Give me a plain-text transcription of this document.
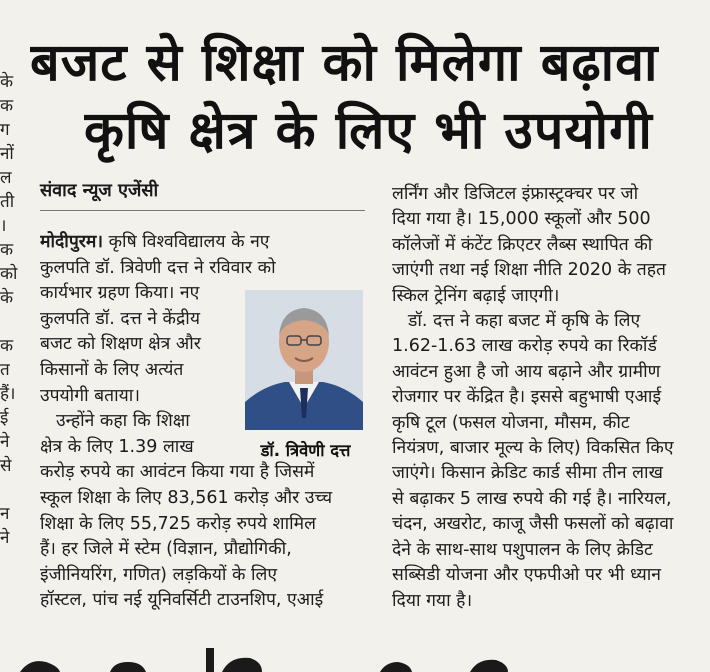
के
क
ग
नों
ल
ती
।
क
को
के

क
त
हैं।
ई
ने
से

न
ने
बजट से शिक्षा को मिलेगा बढ़ावा
कृषि क्षेत्र के लिए भी उपयोगी
संवाद न्यूज एजेंसी
मोदीपुरम। कृषि विश्वविद्यालय के नए
कुलपति डॉ. त्रिवेणी दत्त ने रविवार को
कार्यभार ग्रहण किया। नए
कुलपति डॉ. दत्त ने केंद्रीय
बजट को शिक्षण क्षेत्र और
किसानों के लिए अत्यंत
उपयोगी बताया।
उन्होंने कहा कि शिक्षा
क्षेत्र के लिए 1.39 लाख
करोड़ रुपये का आवंटन किया गया है जिसमें
स्कूल शिक्षा के लिए 83,561 करोड़ और उच्च
शिक्षा के लिए 55,725 करोड़ रुपये शामिल
हैं। हर जिले में स्टेम (विज्ञान, प्रौद्योगिकी,
इंजीनियरिंग, गणित) लड़कियों के लिए
हॉस्टल, पांच नई यूनिवर्सिटी टाउनशिप, एआई
डॉ. त्रिवेणी दत्त
लर्निंग और डिजिटल इंफ्रास्ट्रक्चर पर जो
दिया गया है। 15,000 स्कूलों और 500
कॉलेजों में कंटेंट क्रिएटर लैब्स स्थापित की
जाएंगी तथा नई शिक्षा नीति 2020 के तहत
स्किल ट्रेनिंग बढ़ाई जाएगी।
डॉ. दत्त ने कहा बजट में कृषि के लिए
1.62-1.63 लाख करोड़ रुपये का रिकॉर्ड
आवंटन हुआ है जो आय बढ़ाने और ग्रामीण
रोजगार पर केंद्रित है। इससे बहुभाषी एआई
कृषि टूल (फसल योजना, मौसम, कीट
नियंत्रण, बाजार मूल्य के लिए) विकसित किए
जाएंगे। किसान क्रेडिट कार्ड सीमा तीन लाख
से बढ़ाकर 5 लाख रुपये की गई है। नारियल,
चंदन, अखरोट, काजू जैसी फसलों को बढ़ावा
देने के साथ-साथ पशुपालन के लिए क्रेडिट
सब्सिडी योजना और एफपीओ पर भी ध्यान
दिया गया है।
